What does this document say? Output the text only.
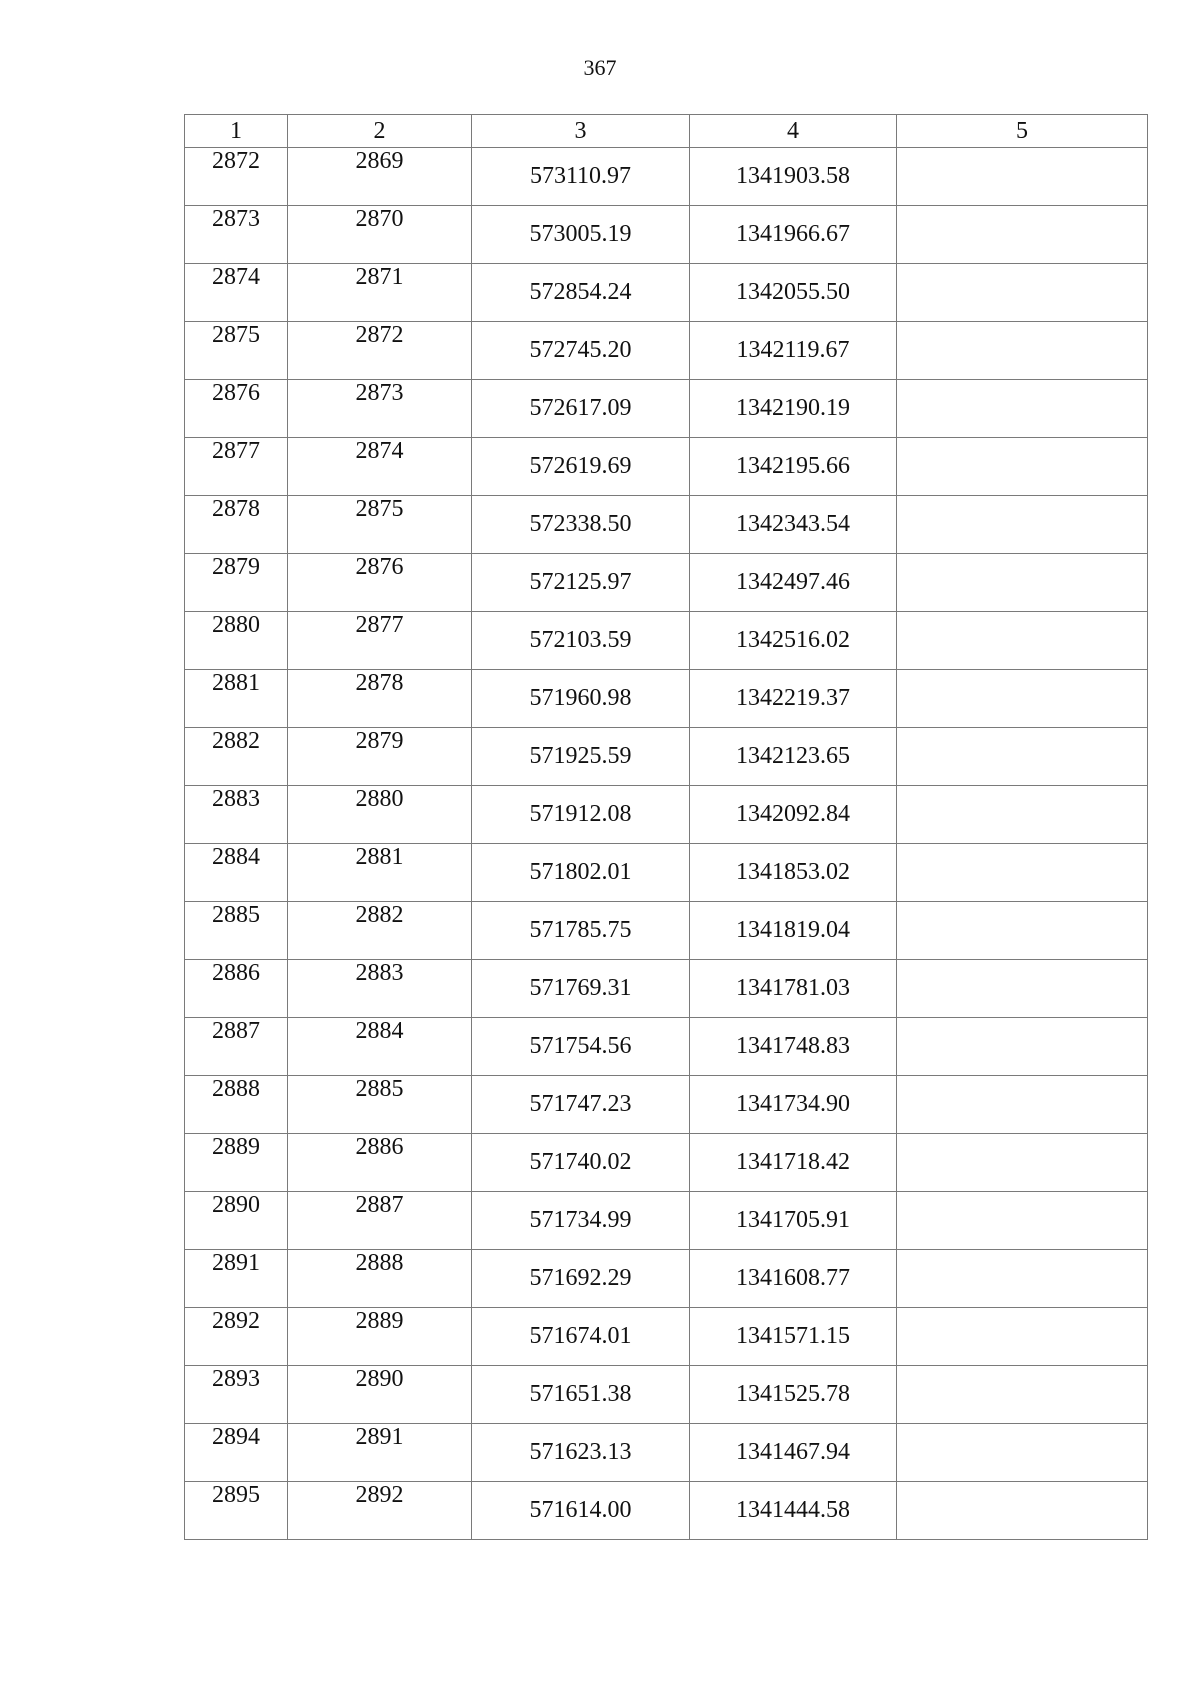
367
1	2	3	4	5
2872	2869	573110.97	1341903.58	
2873	2870	573005.19	1341966.67	
2874	2871	572854.24	1342055.50	
2875	2872	572745.20	1342119.67	
2876	2873	572617.09	1342190.19	
2877	2874	572619.69	1342195.66	
2878	2875	572338.50	1342343.54	
2879	2876	572125.97	1342497.46	
2880	2877	572103.59	1342516.02	
2881	2878	571960.98	1342219.37	
2882	2879	571925.59	1342123.65	
2883	2880	571912.08	1342092.84	
2884	2881	571802.01	1341853.02	
2885	2882	571785.75	1341819.04	
2886	2883	571769.31	1341781.03	
2887	2884	571754.56	1341748.83	
2888	2885	571747.23	1341734.90	
2889	2886	571740.02	1341718.42	
2890	2887	571734.99	1341705.91	
2891	2888	571692.29	1341608.77	
2892	2889	571674.01	1341571.15	
2893	2890	571651.38	1341525.78	
2894	2891	571623.13	1341467.94	
2895	2892	571614.00	1341444.58	
